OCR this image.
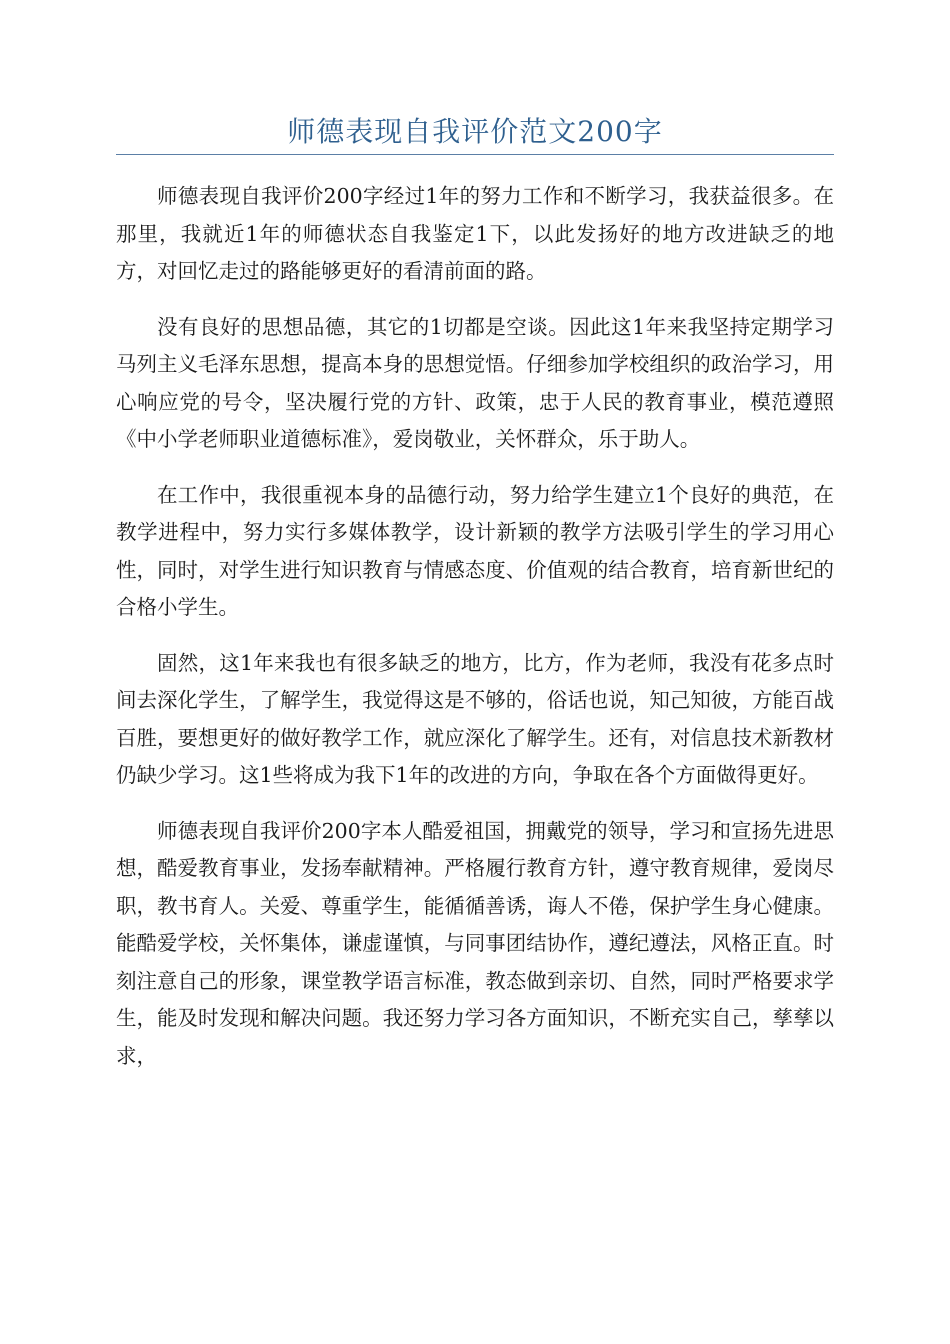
师德表现自我评价范文200字

师德表现自我评价200字经过1年的努力工作和不断学习，我获益很多。在那里，我就近1年的师德状态自我鉴定1下，以此发扬好的地方改进缺乏的地方，对回忆走过的路能够更好的看清前面的路。

没有良好的思想品德，其它的1切都是空谈。因此这1年来我坚持定期学习马列主义毛泽东思想，提高本身的思想觉悟。仔细参加学校组织的政治学习，用心响应党的号令，坚决履行党的方针、政策，忠于人民的教育事业，模范遵照《中小学老师职业道德标准》，爱岗敬业，关怀群众，乐于助人。

在工作中，我很重视本身的品德行动，努力给学生建立1个良好的典范，在教学进程中，努力实行多媒体教学，设计新颖的教学方法吸引学生的学习用心性，同时，对学生进行知识教育与情感态度、价值观的结合教育，培育新世纪的合格小学生。

固然，这1年来我也有很多缺乏的地方，比方，作为老师，我没有花多点时间去深化学生，了解学生，我觉得这是不够的，俗话也说，知己知彼，方能百战百胜，要想更好的做好教学工作，就应深化了解学生。还有，对信息技术新教材仍缺少学习。这1些将成为我下1年的改进的方向，争取在各个方面做得更好。

师德表现自我评价200字本人酷爱祖国，拥戴党的领导，学习和宣扬先进思想，酷爱教育事业，发扬奉献精神。严格履行教育方针，遵守教育规律，爱岗尽职，教书育人。关爱、尊重学生，能循循善诱，诲人不倦，保护学生身心健康。能酷爱学校，关怀集体，谦虚谨慎，与同事团结协作，遵纪遵法，风格正直。时刻注意自己的形象，课堂教学语言标准，教态做到亲切、自然，同时严格要求学生，能及时发现和解决问题。我还努力学习各方面知识，不断充实自己，孳孳以求，
